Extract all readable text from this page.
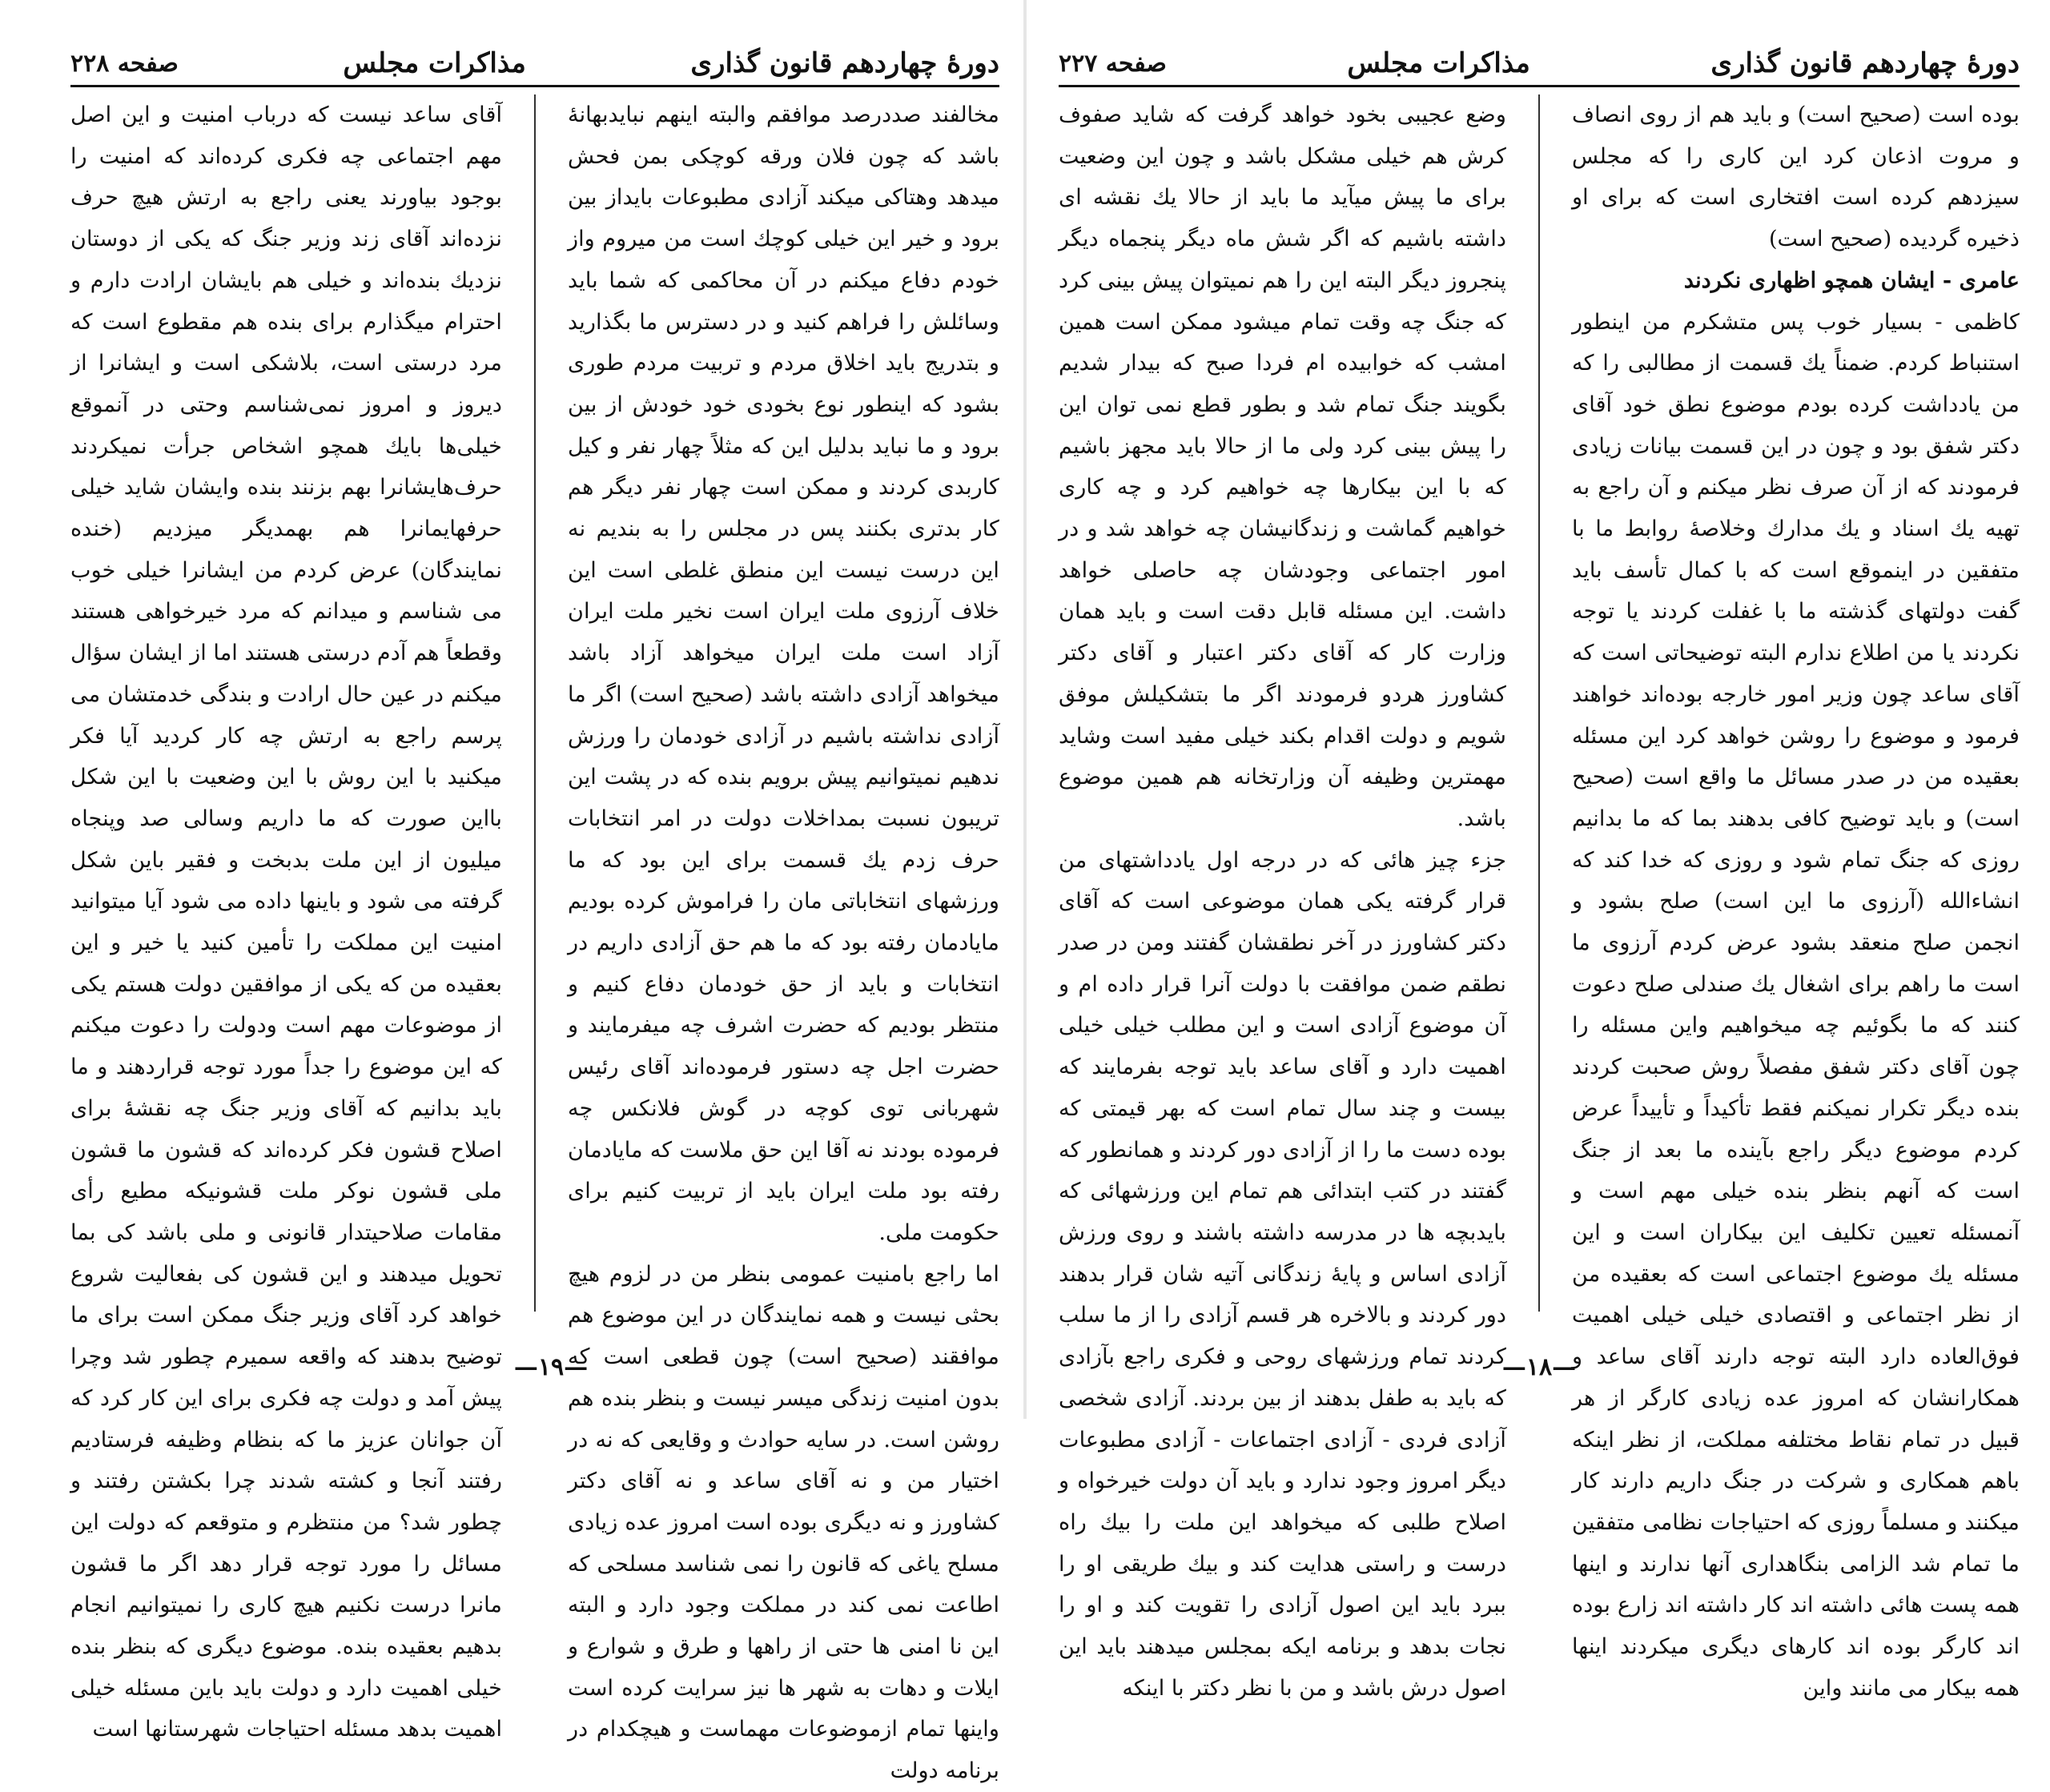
دورهٔ چهاردهم قانون گذاری
مذاکرات مجلس
صفحه ۲۲۸

مخالفند صددرصد موافقم والبته اینهم نبایدبهانهٔ باشد که چون فلان ورقه کوچکی بمن فحش میدهد وهتاکی میکند آزادی مطبوعات بایداز بین برود و خیر این خیلی کوچك است من میروم واز خودم دفاع میکنم در آن محاکمی که شما باید وسائلش را فراهم کنید و در دسترس ما بگذارید و بتدریج باید اخلاق مردم و تربیت مردم طوری بشود که اینطور نوع بخودی خود خودش از بین برود و ما نباید بدلیل این که مثلاً چهار نفر و کیل کاربدی کردند و ممکن است چهار نفر دیگر هم کار بدتری بکنند پس در مجلس را به بندیم نه این درست نیست این منطق غلطی است این خلاف آرزوی ملت ایران است نخیر ملت ایران آزاد است ملت ایران میخواهد آزاد باشد میخواهد آزادی داشته باشد (صحیح است) اگر ما آزادی نداشته باشیم در آزادی خودمان را ورزش ندهیم نمیتوانیم پیش برویم بنده که در پشت این تریبون نسبت بمداخلات دولت در امر انتخابات حرف زدم یك قسمت برای این بود که ما ورزشهای انتخاباتی مان را فراموش کرده بودیم مایادمان رفته بود که ما هم حق آزادی داریم در انتخابات و باید از حق خودمان دفاع کنیم و منتظر بودیم که حضرت اشرف چه میفرمایند و حضرت اجل چه دستور فرموده‌اند آقای رئیس شهربانی توی کوچه در گوش فلانکس چه فرموده بودند نه آقا این حق ملاست که مایادمان رفته بود ملت ایران باید از تربیت کنیم برای حکومت ملی.

اما راجع بامنیت عمومی بنظر من در لزوم هیچ بحثی نیست و همه نمایندگان در این موضوع هم موافقند (صحیح است) چون قطعی است که بدون امنیت زندگی میسر نیست و بنظر بنده هم روشن است. در سایه حوادث و وقایعی که نه در اختیار من و نه آقای ساعد و نه آقای دکتر کشاورز و نه دیگری بوده است امروز عده زیادی مسلح یاغی که قانون را نمی شناسد مسلحی که اطاعت نمی کند در مملکت وجود دارد و البته این نا امنی ها حتی از راهها و طرق و شوارع و ایلات و دهات به شهر ها نیز سرایت کرده است واینها تمام ازموضوعات مهماست و هیچکدام در برنامه دولت

آقای ساعد نیست که درباب امنیت و این اصل مهم اجتماعی چه فکری کرده‌اند که امنیت را بوجود بیاورند یعنی راجع به ارتش هیچ حرف نزده‌اند آقای زند وزیر جنگ که یکی از دوستان نزدیك بنده‌اند و خیلی هم بایشان ارادت دارم و احترام میگذارم برای بنده هم مقطوع است که مرد درستی است، بلاشکی است و ایشانرا از دیروز و امروز نمی‌شناسم وحتی در آنموقع خیلی‌ها بایك همچو اشخاص جرأت نمیکردند حرف‌هایشانرا بهم بزنند بنده وایشان شاید خیلی حرفهایمانرا هم بهمدیگر میزدیم (خنده نمایندگان) عرض کردم من ایشانرا خیلی خوب می شناسم و میدانم که مرد خیرخواهی هستند وقطعاً هم آدم درستی هستند اما از ایشان سؤال میکنم در عین حال ارادت و بندگی خدمتشان می پرسم راجع به ارتش چه کار کردید آیا فکر میکنید با این روش با این وضعیت با این شکل بااین صورت که ما داریم وسالی صد وپنجاه میلیون از این ملت بدبخت و فقیر باین شکل گرفته می شود و باینها داده می شود آیا میتوانید امنیت این مملکت را تأمین کنید یا خیر و این بعقیده من که یکی از موافقین دولت هستم یکی از موضوعات مهم است ودولت را دعوت میکنم که این موضوع را جداً مورد توجه قراردهند و ما باید بدانیم که آقای وزیر جنگ چه نقشهٔ برای اصلاح قشون فکر کرده‌اند که قشون ما قشون ملی قشون نوکر ملت قشونیکه مطیع رأی مقامات صلاحیتدار قانونی و ملی باشد کی بما تحویل میدهند و این قشون کی بفعالیت شروع خواهد کرد آقای وزیر جنگ ممکن است برای ما توضیح بدهند که واقعه سمیرم چطور شد وچرا پیش آمد و دولت چه فکری برای این کار کرد که آن جوانان عزیز ما که بنظام وظیفه فرستادیم رفتند آنجا و کشته شدند چرا بکشتن رفتند و چطور شد؟ من منتظرم و متوقعم که دولت این مسائل را مورد توجه قرار دهد اگر ما قشون مانرا درست نکنیم هیچ کاری را نمیتوانیم انجام بدهیم بعقیده بنده. موضوع دیگری که بنظر بنده خیلی اهمیت دارد و دولت باید باین مسئله خیلی اهمیت بدهد مسئله احتیاجات شهرستانها است

—۱۹—
دورهٔ چهاردهم قانون گذاری
مذاکرات مجلس
صفحه ۲۲۷

بوده است (صحیح است) و باید هم از روی انصاف و مروت اذعان کرد این کاری را که مجلس سیزدهم کرده است افتخاری است که برای او ذخیره گردیده (صحیح است)

عامری - ایشان همچو اظهاری نکردند

کاظمی - بسیار خوب پس متشکرم من اینطور استنباط کردم. ضمناً یك قسمت از مطالبی را که من یادداشت کرده بودم موضوع نطق خود آقای دکتر شفق بود و چون در این قسمت بیانات زیادی فرمودند که از آن صرف نظر میکنم و آن راجع به تهیه یك اسناد و یك مدارك وخلاصهٔ روابط ما با متفقین در اینموقع است که با کمال تأسف باید گفت دولتهای گذشته ما با غفلت کردند یا توجه نکردند یا من اطلاع ندارم البته توضیحاتی است که آقای ساعد چون وزیر امور خارجه بوده‌اند خواهند فرمود و موضوع را روشن خواهد کرد این مسئله بعقیده من در صدر مسائل ما واقع است (صحیح است) و باید توضیح کافی بدهند بما که ما بدانیم روزی که جنگ تمام شود و روزی که خدا کند که انشاءالله (آرزوی ما این است) صلح بشود و انجمن صلح منعقد بشود عرض کردم آرزوی ما است ما راهم برای اشغال یك صندلی صلح دعوت کنند که ما بگوئیم چه میخواهیم واین مسئله را چون آقای دکتر شفق مفصلاً روش صحبت کردند بنده دیگر تکرار نمیکنم فقط تأکیداً و تأییداً عرض کردم موضوع دیگر راجع بآینده ما بعد از جنگ است که آنهم بنظر بنده خیلی مهم است و آنمسئله تعیین تکلیف این بیکاران است و این مسئله یك موضوع اجتماعی است که بعقیده من از نظر اجتماعی و اقتصادی خیلی خیلی اهمیت فوق‌العاده دارد البته توجه دارند آقای ساعد و همکارانشان که امروز عده زیادی کارگر از هر قبیل در تمام نقاط مختلفه مملکت، از نظر اینکه باهم همکاری و شرکت در جنگ داریم دارند کار میکنند و مسلماً روزی که احتیاجات نظامی متفقین ما تمام شد الزامی بنگاهداری آنها ندارند و اینها همه پست هائی داشته اند کار داشته اند زارع بوده اند کارگر بوده اند کارهای دیگری میکردند اینها همه بیکار می مانند واین

وضع عجیبی بخود خواهد گرفت که شاید صفوف کرش هم خیلی مشکل باشد و چون این وضعیت برای ما پیش میآید ما باید از حالا یك نقشه ای داشته باشیم که اگر شش ماه دیگر پنجماه دیگر پنجروز دیگر البته این را هم نمیتوان پیش بینی کرد که جنگ چه وقت تمام میشود ممکن است همین امشب که خوابیده ام فردا صبح که بیدار شدیم بگویند جنگ تمام شد و بطور قطع نمی توان این را پیش بینی کرد ولی ما از حالا باید مجهز باشیم که با این بیکارها چه خواهیم کرد و چه کاری خواهیم گماشت و زندگانیشان چه خواهد شد و در امور اجتماعی وجودشان چه حاصلی خواهد داشت. این مسئله قابل دقت است و باید همان وزارت کار که آقای دکتر اعتبار و آقای دکتر کشاورز هردو فرمودند اگر ما بتشکیلش موفق شویم و دولت اقدام بکند خیلی مفید است وشاید مهمترین وظیفه آن وزارتخانه هم همین موضوع باشد.

جزء چیز هائی که در درجه اول یادداشتهای من قرار گرفته یکی همان موضوعی است که آقای دکتر کشاورز در آخر نطقشان گفتند ومن در صدر نطقم ضمن موافقت با دولت آنرا قرار داده ام و آن موضوع آزادی است و این مطلب خیلی خیلی اهمیت دارد و آقای ساعد باید توجه بفرمایند که بیست و چند سال تمام است که بهر قیمتی که بوده دست ما را از آزادی دور کردند و همانطور که گفتند در کتب ابتدائی هم تمام این ورزشهائی که بایدبچه ها در مدرسه داشته باشند و روی ورزش آزادی اساس و پایهٔ زندگانی آتیه شان قرار بدهند دور کردند و بالاخره هر قسم آزادی را از ما سلب کردند تمام ورزشهای روحی و فکری راجع بآزادی که باید به طفل بدهند از بین بردند. آزادی شخصی آزادی فردی - آزادی اجتماعات - آزادی مطبوعات دیگر امروز وجود ندارد و باید آن دولت خیرخواه و اصلاح طلبی که میخواهد این ملت را بیك راه درست و راستی هدایت کند و بیك طریقی او را ببرد باید این اصول آزادی را تقویت کند و او را نجات بدهد و برنامه ایکه بمجلس میدهند باید این اصول درش باشد و من با نظر دکتر با اینکه

—۱۸—
